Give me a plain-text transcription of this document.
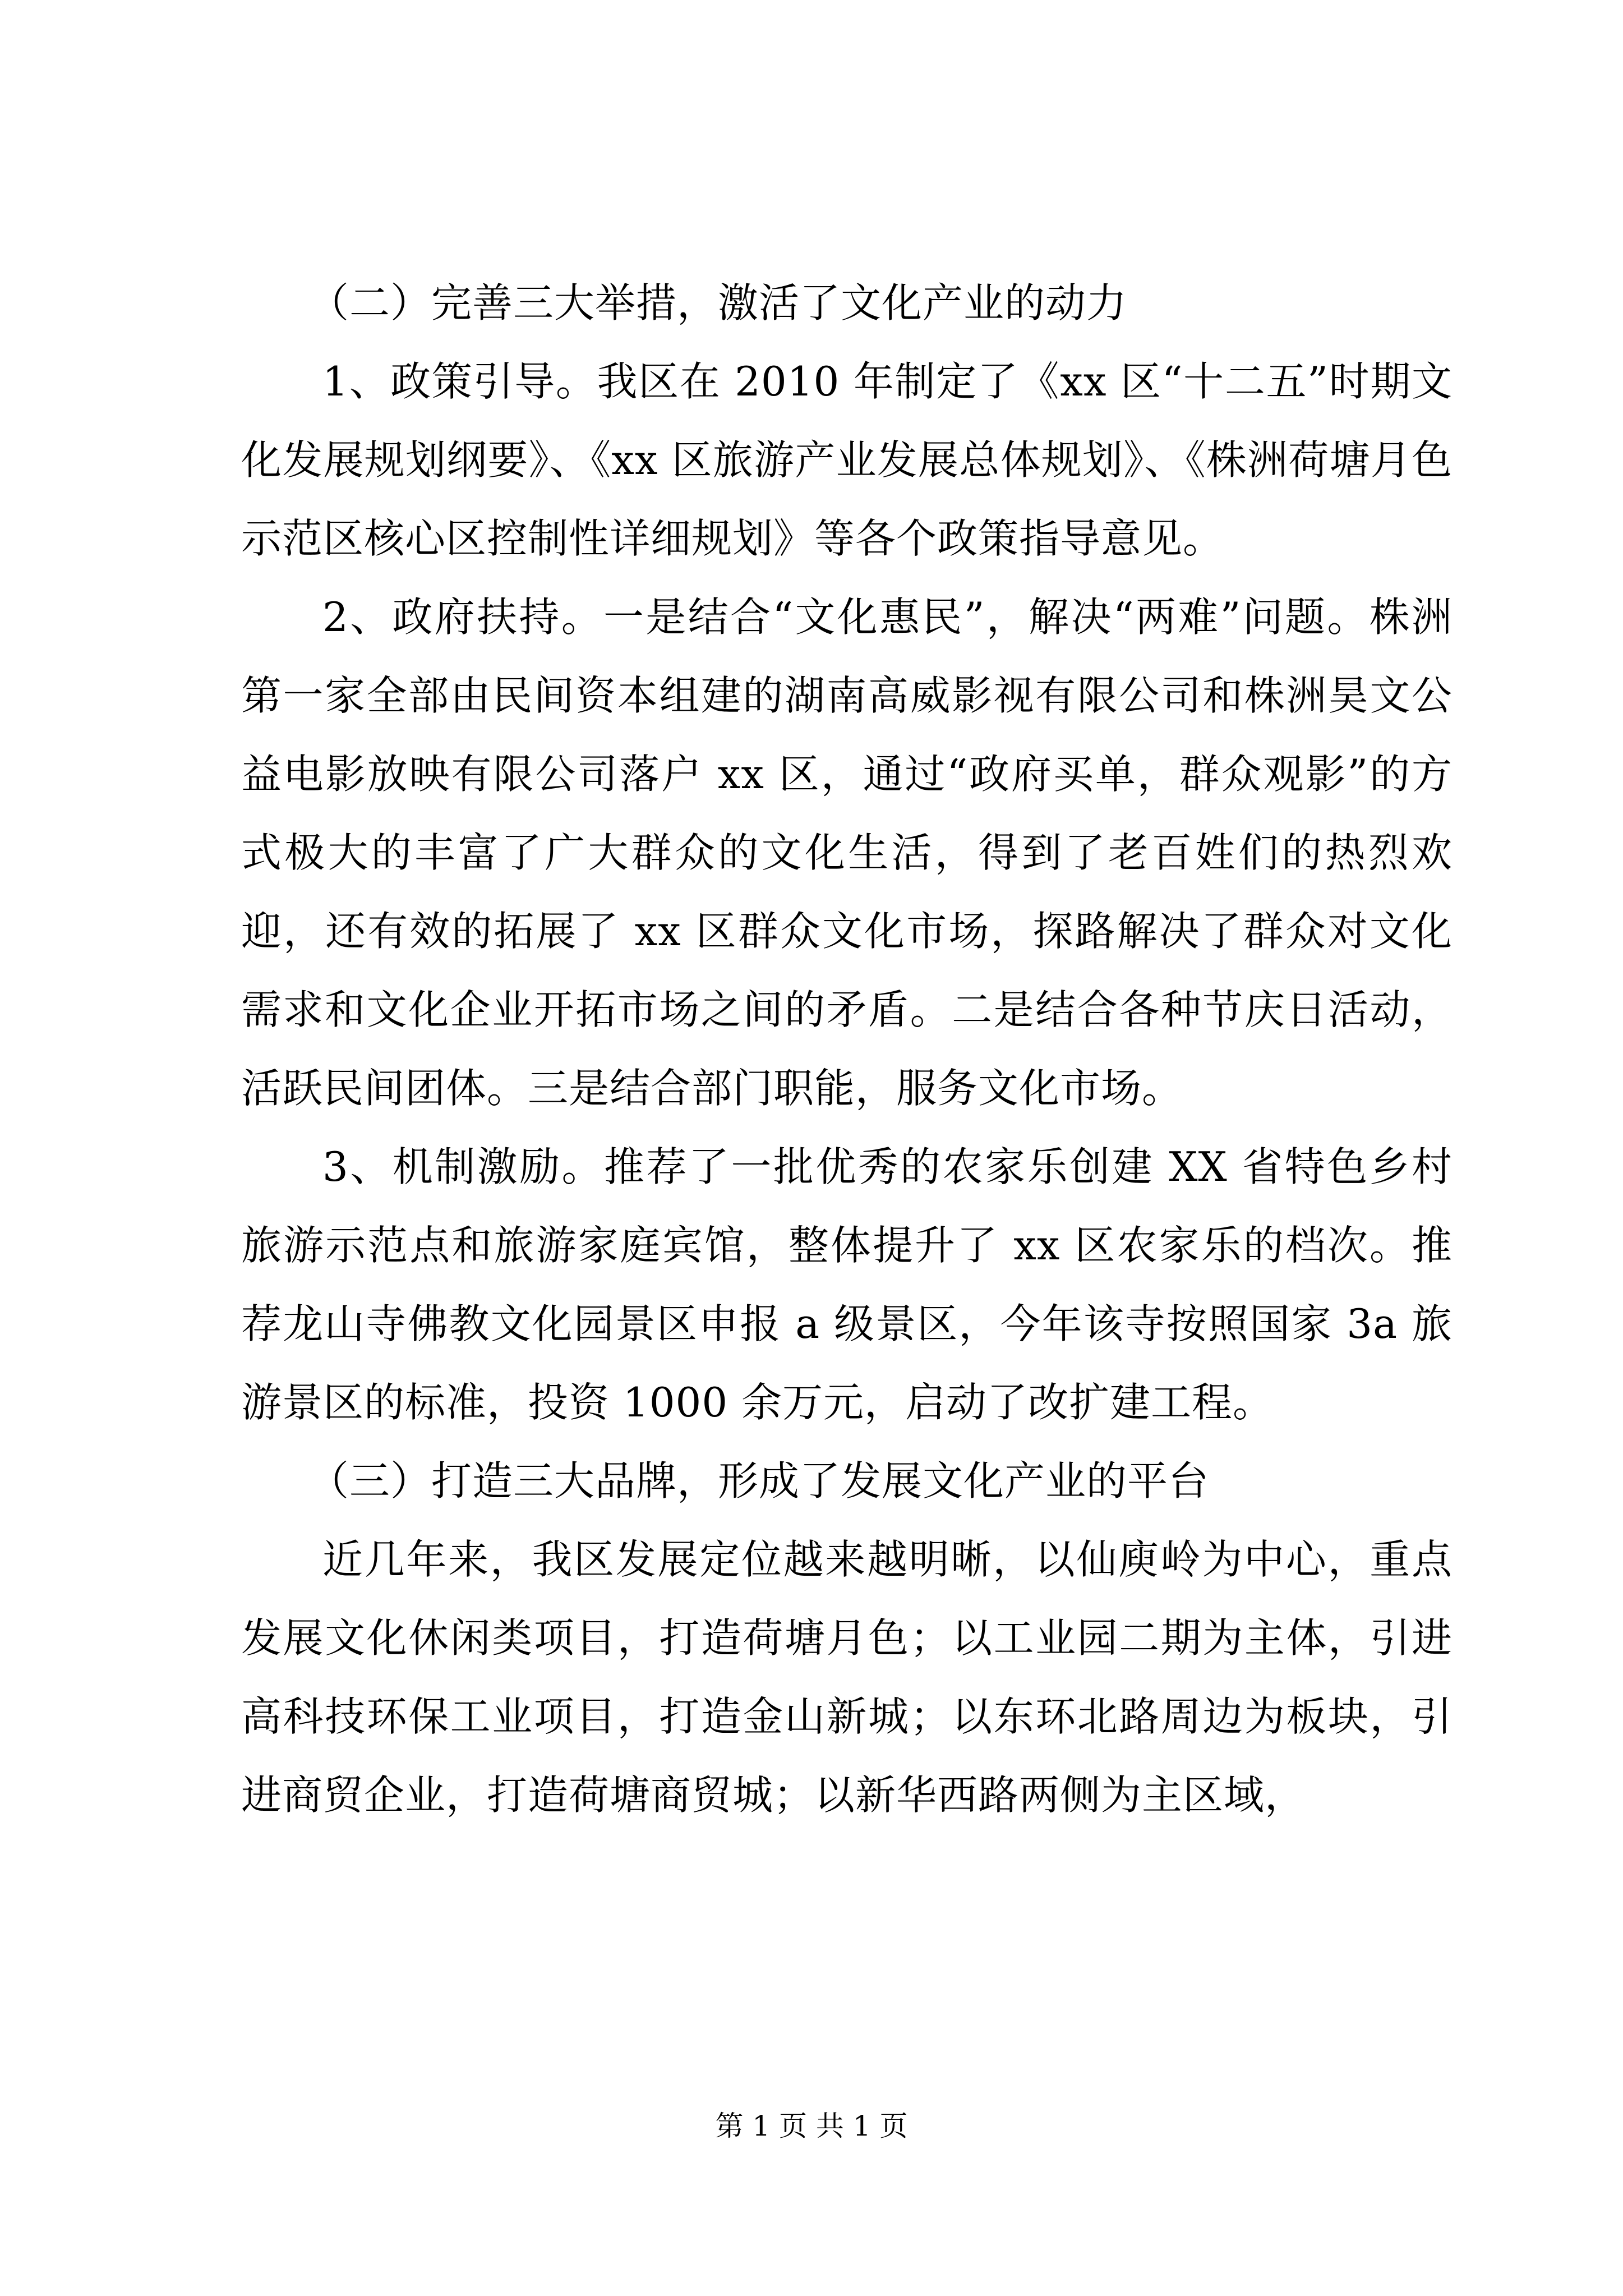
（二）完善三大举措，激活了文化产业的动力

1、政策引导。我区在 2010 年制定了《xx 区“十二五”时期文化发展规划纲要》、《xx 区旅游产业发展总体规划》、《株洲荷塘月色示范区核心区控制性详细规划》等各个政策指导意见。

2、政府扶持。一是结合“文化惠民”，解决“两难”问题。株洲第一家全部由民间资本组建的湖南高威影视有限公司和株洲昊文公益电影放映有限公司落户 xx 区，通过“政府买单，群众观影”的方式极大的丰富了广大群众的文化生活，得到了老百姓们的热烈欢迎，还有效的拓展了 xx 区群众文化市场，探路解决了群众对文化需求和文化企业开拓市场之间的矛盾。二是结合各种节庆日活动，活跃民间团体。三是结合部门职能，服务文化市场。

3、机制激励。推荐了一批优秀的农家乐创建 XX 省特色乡村旅游示范点和旅游家庭宾馆，整体提升了 xx 区农家乐的档次。推荐龙山寺佛教文化园景区申报 a 级景区，今年该寺按照国家 3a 旅游景区的标准，投资 1000 余万元，启动了改扩建工程。

（三）打造三大品牌，形成了发展文化产业的平台

近几年来，我区发展定位越来越明晰，以仙庾岭为中心，重点发展文化休闲类项目，打造荷塘月色；以工业园二期为主体，引进高科技环保工业项目，打造金山新城；以东环北路周边为板块，引进商贸企业，打造荷塘商贸城；以新华西路两侧为主区域，

第 1 页 共 1 页
